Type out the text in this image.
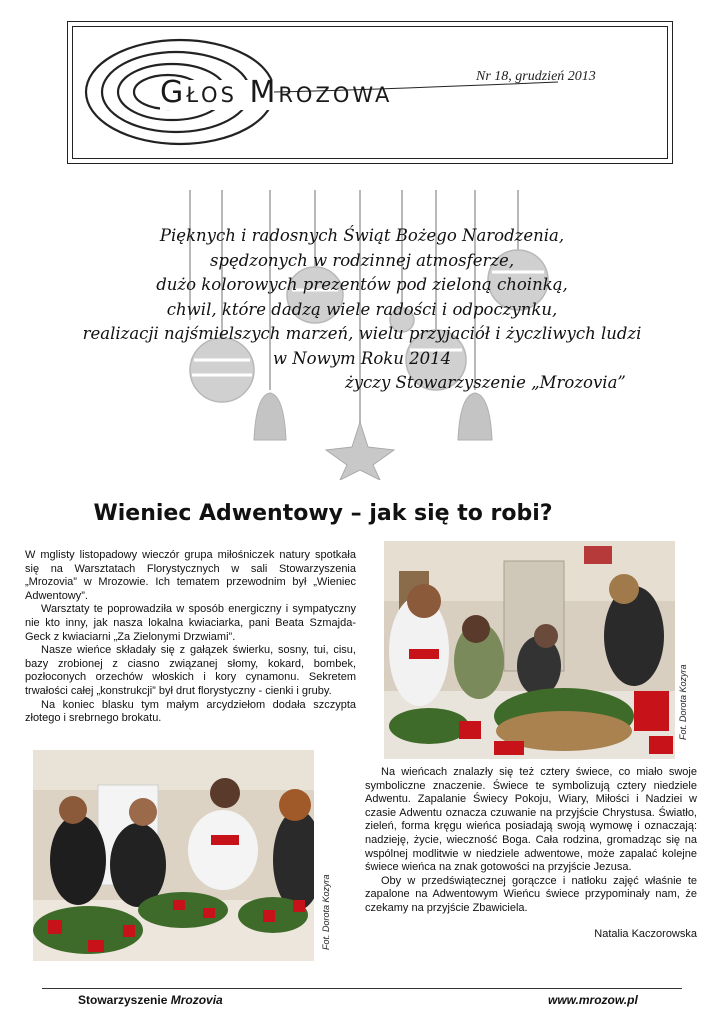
Głos Mrozowa	Nr 18, grudzień 2013

Pięknych i radosnych Świąt Bożego Narodzenia,

spędzonych w rodzinnej atmosferze,

dużo kolorowych prezentów pod zieloną choinką,

chwil, które dadzą wiele radości i odpoczynku,

realizacji najśmielszych marzeń, wielu przyjaciół i życzliwych ludzi

w Nowym Roku 2014

życzy Stowarzyszenie „Mrozovia”

Wieniec Adwentowy – jak się to robi?

W mglisty listopadowy wieczór grupa miłośniczek natury spotkała się na Warsztatach Florystycznych w sali Stowarzyszenia „Mrozovia” w Mrozowie. Ich tematem przewodnim był „Wieniec Adwentowy”.

Warsztaty te poprowadziła w sposób energiczny i sympatyczny nie kto inny, jak nasza lokalna kwiaciarka, pani Beata Szmajda-Geck z kwiaciarni „Za Zielonymi Drzwiami”.

Nasze wieńce składały się z gałązek świerku, sosny, tui, cisu, bazy zrobionej z ciasno związanej słomy, kokard, bombek, pozłoconych orzechów włoskich i kory cynamonu. Sekretem trwałości całej „konstrukcji” był drut florystyczny - cienki i gruby.

Na koniec blasku tym małym arcydziełom dodała szczypta złotego i srebrnego brokatu.	Fot. Dorota Kozyra
Fot. Dorota Kozyra

Na wieńcach znalazły się też cztery świece, co miało swoje symboliczne znaczenie. Świece te symbolizują cztery niedziele Adwentu. Zapalanie Świecy Pokoju, Wiary, Miłości i Nadziei w czasie Adwentu oznacza czuwanie na przyjście Chrystusa. Światło, zieleń, forma kręgu wieńca posiadają swoją wymowę i oznaczają: nadzieję, życie, wieczność Boga. Cała rodzina, gromadząc się na wspólnej modlitwie w niedziele adwentowe, może zapalać kolejne świece wieńca na znak gotowości na przyjście Jezusa.

Oby w przedświątecznej gorączce i natłoku zajęć właśnie te zapalone na Adwentowym Wieńcu świece przypominały nam, że czekamy na przyjście Zbawiciela.

Natalia Kaczorowska

Stowarzyszenie Mrozovia	www.mrozow.pl
